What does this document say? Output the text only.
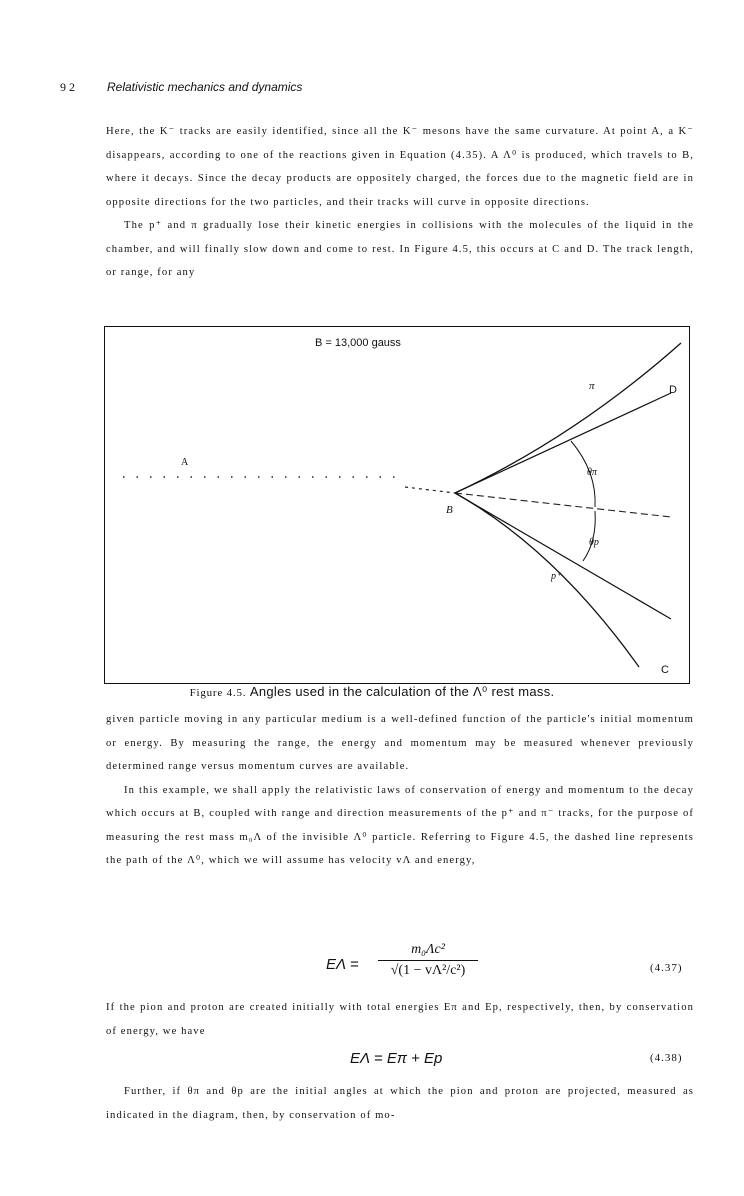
92 Relativistic mechanics and dynamics

Here, the K⁻ tracks are easily identified, since all the K⁻ mesons have the same curvature. At point A, a K⁻ disappears, according to one of the reactions given in Equation (4.35). A Λ⁰ is produced, which travels to B, where it decays. Since the decay products are oppositely charged, the forces due to the magnetic field are in opposite directions for the two particles, and their tracks will curve in opposite directions.

The p⁺ and π gradually lose their kinetic energies in collisions with the molecules of the liquid in the chamber, and will finally slow down and come to rest. In Figure 4.5, this occurs at C and D. The track length, or range, for any

B = 13,000 gauss
A
B
D
C
π
p⁺
θπ
θp
Figure 4.5. Angles used in the calculation of the Λ⁰ rest mass.

given particle moving in any particular medium is a well-defined function of the particle's initial momentum or energy. By measuring the range, the energy and momentum may be measured whenever previously determined range versus momentum curves are available.

In this example, we shall apply the relativistic laws of conservation of energy and momentum to the decay which occurs at B, coupled with range and direction measurements of the p⁺ and π⁻ tracks, for the purpose of measuring the rest mass m₀Λ of the invisible Λ⁰ particle. Referring to Figure 4.5, the dashed line represents the path of the Λ⁰, which we will assume has velocity vΛ and energy,

EΛ =
m₀Λc²
√(1 − vΛ²/c²)	(4.37)

If the pion and proton are created initially with total energies Eπ and Ep, respectively, then, by conservation of energy, we have

EΛ = Eπ + Ep	(4.38)

Further, if θπ and θp are the initial angles at which the pion and proton are projected, measured as indicated in the diagram, then, by conservation of mo-
